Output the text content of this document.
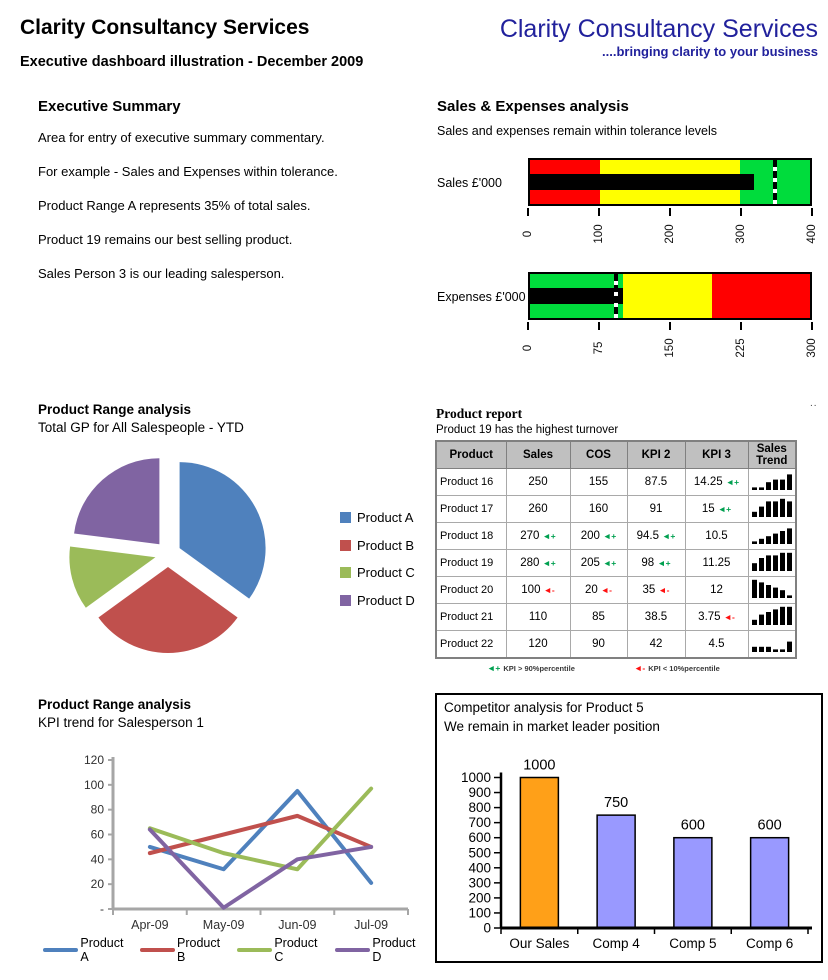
Clarity Consultancy Services
Executive dashboard illustration - December 2009
Clarity Consultancy Services
....bringing clarity to your business
Executive Summary
Area for entry of executive summary commentary.
For example - Sales and Expenses within tolerance.
Product Range A represents 35% of total sales.
Product 19 remains our best selling product.
Sales Person 3 is our leading salesperson.
Sales & Expenses analysis
Sales and expenses remain within tolerance levels
Sales £'000
0	100	200	300	400
Expenses £'000
0	75	150	225	300
Product Range analysis
Total GP for All Salespeople - YTD
Product A
Product B
Product C
Product D
..
Product report
Product 19 has the highest turnover
Product	Sales	COS	KPI 2	KPI 3	Sales Trend
Product 16	250	155	87.5	14.25 ◄+	
Product 17	260	160	91	15 ◄+	
Product 18	270 ◄+	200 ◄+	94.5 ◄+	10.5	
Product 19	280 ◄+	205 ◄+	98 ◄+	11.25	
Product 20	100 ◄-	20 ◄-	35 ◄-	12	
Product 21	110	85	38.5	3.75 ◄-	
Product 22	120	90	42	4.5	
◄+ KPI > 90%percentile	◄- KPI < 10%percentile
Product Range analysis
KPI trend for Salesperson 1
-
20
40
60
80
100
120
Apr-09	May-09	Jun-09	Jul-09
Product A
Product B
Product C
Product D
Competitor analysis for Product 5
We remain in market leader position
0
100
200
300
400
500
600
700
800
900
1000
1000
Our Sales
750
Comp 4
600
Comp 5
600
Comp 6
